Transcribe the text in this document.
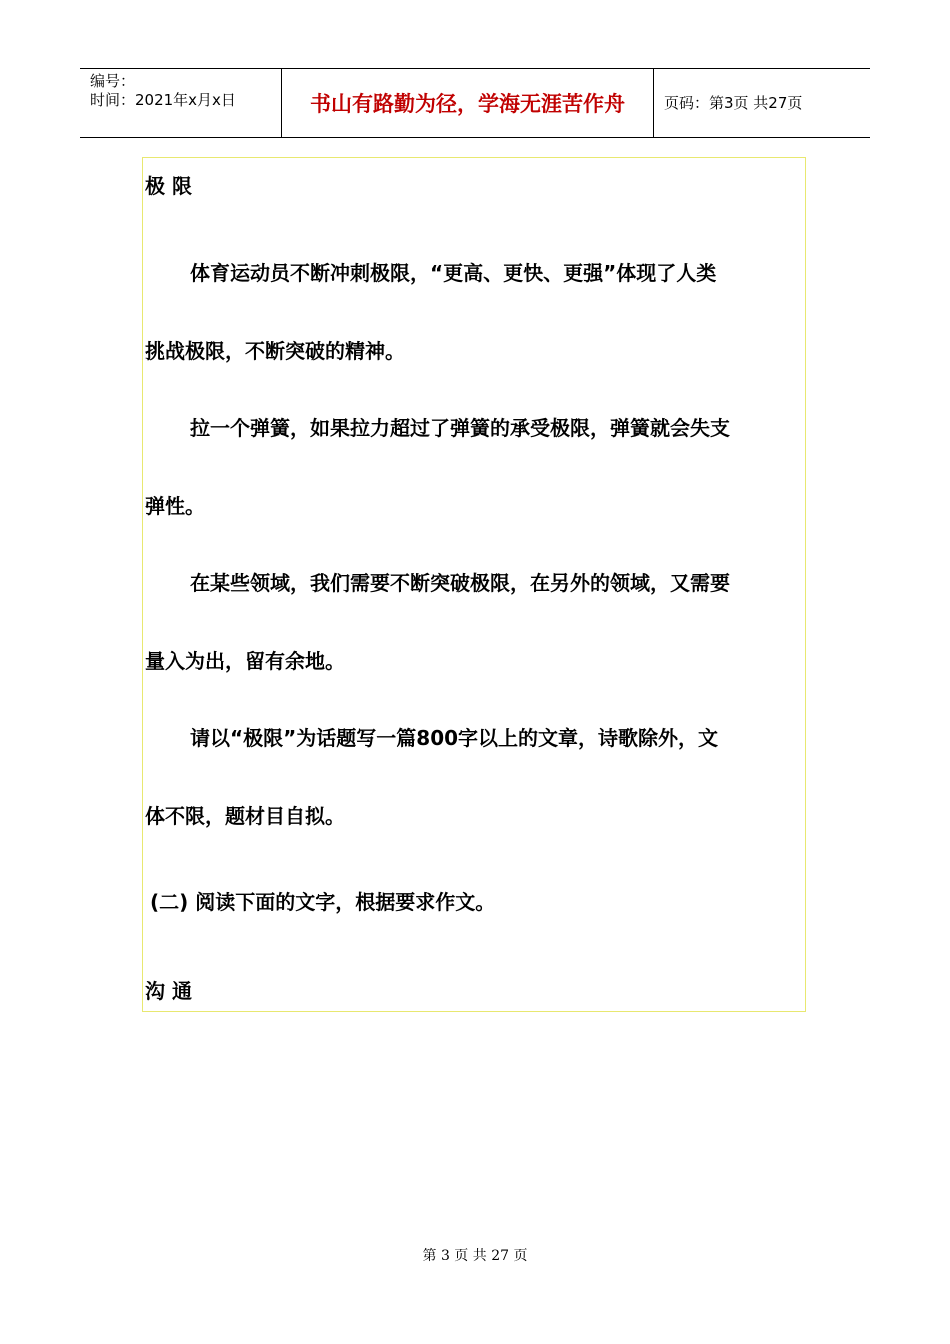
编号：
时间：2021年x月x日	书山有路勤为径，学海无涯苦作舟	页码：第3页 共27页
极 限
体育运动员不断冲刺极限，“更高、更快、更强”体现了人类
挑战极限，不断突破的精神。
拉一个弹簧，如果拉力超过了弹簧的承受极限，弹簧就会失支
弹性。
在某些领域，我们需要不断突破极限，在另外的领域，又需要
量入为出，留有余地。
请以“极限”为话题写一篇800字以上的文章，诗歌除外，文
体不限，题材目自拟。
(二) 阅读下面的文字，根据要求作文。
沟 通
第 3 页 共 27 页
